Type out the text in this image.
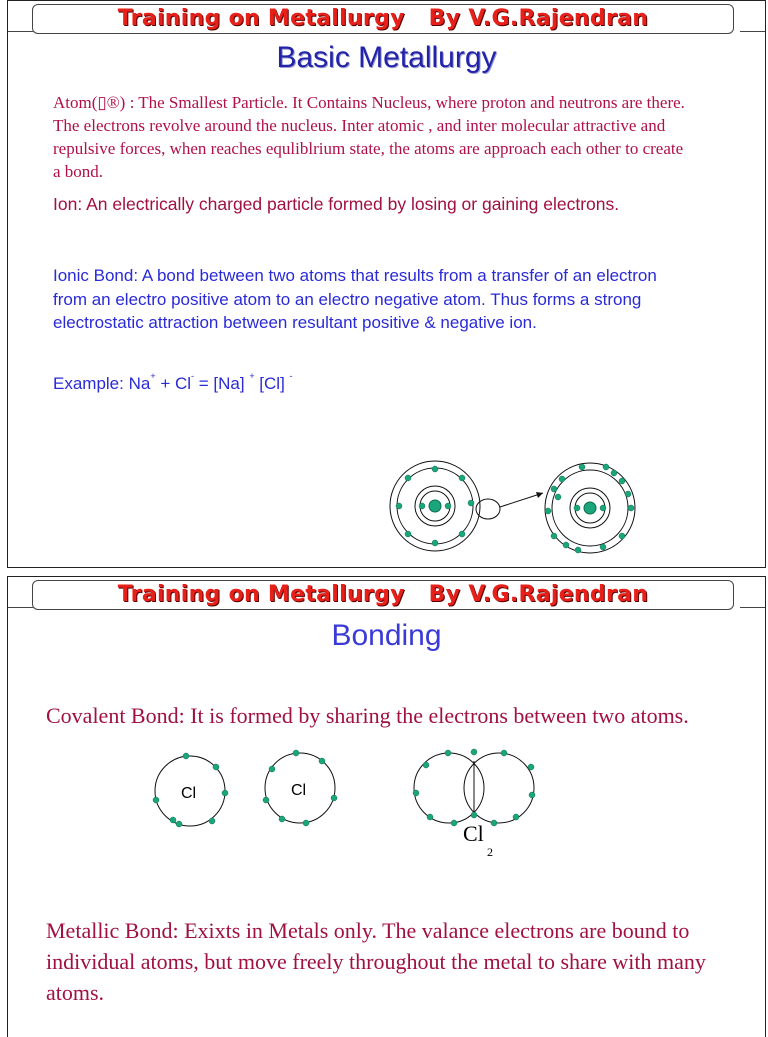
Training on Metallurgy   By V.G.Rajendran
Basic Metallurgy

Atom(▯®) : The Smallest Particle. It Contains Nucleus, where proton and neutrons are there. The electrons revolve around the nucleus. Inter atomic , and inter molecular attractive and repulsive forces, when reaches equliblrium state, the atoms are approach each other to create a bond.

Ion: An electrically charged particle formed by losing or gaining electrons.

Ionic Bond: A bond between two atoms that results from a transfer of an electron from an electro positive atom to an electro negative atom. Thus forms a strong electrostatic attraction between resultant positive & negative ion.

Example: Na+ + Cl- = [Na] + [Cl] -
Training on Metallurgy   By V.G.Rajendran
Bonding

Covalent Bond: It is formed by sharing the electrons between two atoms.

Cl	Cl
Cl
2

Metallic Bond: Exixts in Metals only. The valance electrons are bound to individual atoms, but move freely throughout the metal to share with many atoms.
